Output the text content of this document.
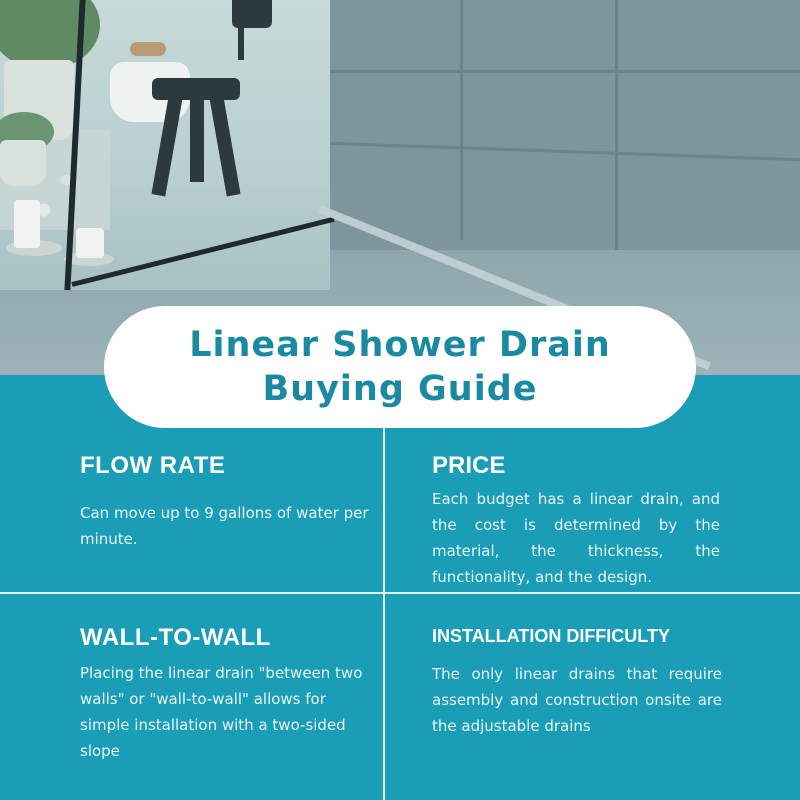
Linear Shower Drain
Buying Guide
FLOW RATE

Can move up to 9 gallons of water per minute.

PRICE

Each budget has a linear drain, and the cost is determined by the material, the thickness, the functionality, and the design.

WALL-TO-WALL

Placing the linear drain "between two walls" or "wall-to-wall" allows for simple installation with a two-sided slope

INSTALLATION DIFFICULTY

The only linear drains that require assembly and construction onsite are the adjustable drains
